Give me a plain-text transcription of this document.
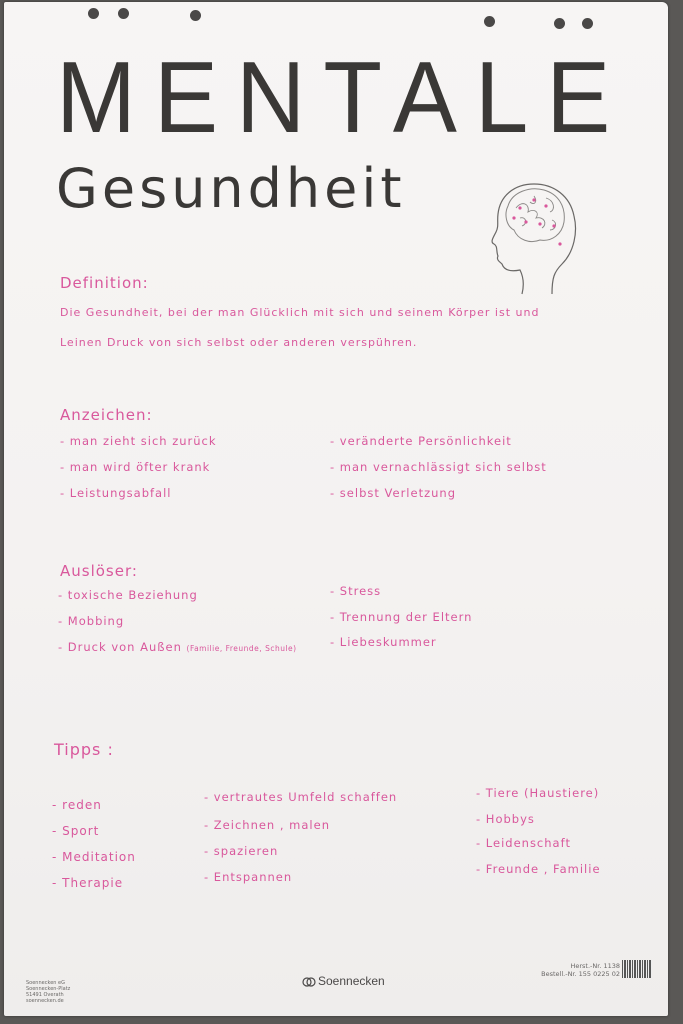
MENTALE
Gesundheit
Definition:
Die Gesundheit, bei der man Glücklich mit sich und seinem Körper ist und
Leinen Druck von sich selbst oder anderen verspühren.
Anzeichen:
- man zieht sich zurück
- man wird öfter krank
- Leistungsabfall
- veränderte Persönlichkeit
- man vernachlässigt sich selbst
- selbst Verletzung
Auslöser:
- toxische Beziehung
- Mobbing
- Druck von Außen (Familie, Freunde, Schule)
- Stress
- Trennung der Eltern
- Liebeskummer
Tipps :
- reden
- Sport
- Meditation
- Therapie
- vertrautes Umfeld schaffen
- Zeichnen , malen
- spazieren
- Entspannen
- Tiere (Haustiere)
- Hobbys
- Leidenschaft
- Freunde , Familie
Soennecken eG
Soennecken-Platz
51491 Overath
soennecken.de
Soennecken
Herst.-Nr. 1138
Bestell.-Nr. 155 0225 02
